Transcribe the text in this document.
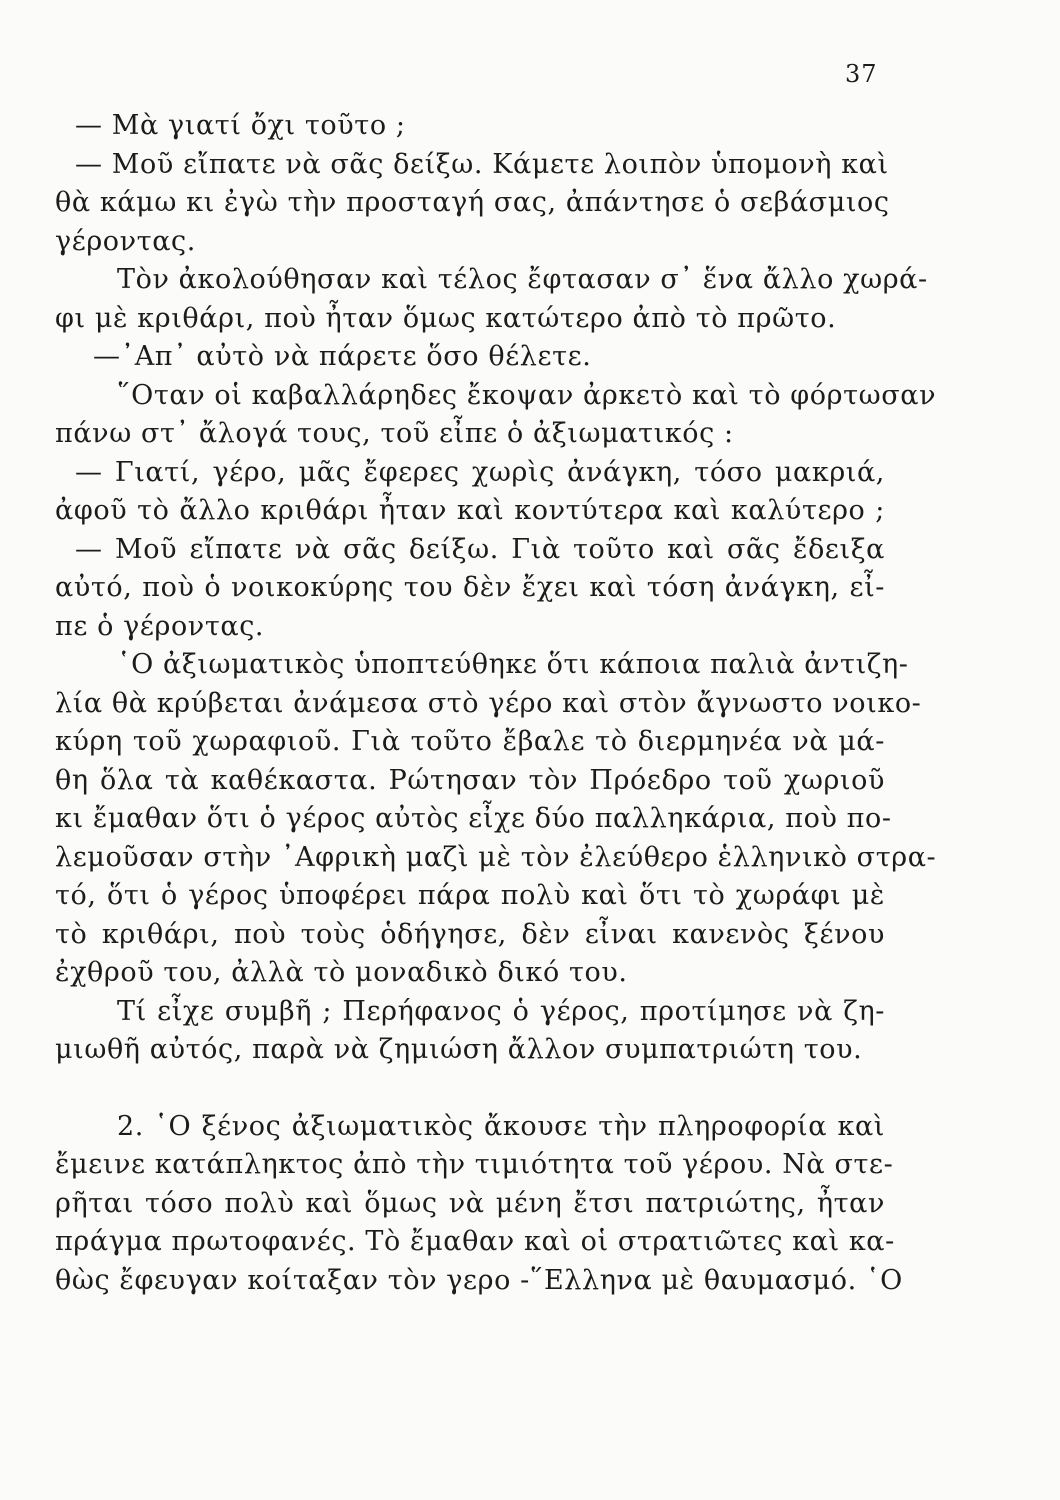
37
— Μὰ γιατί ὄχι τοῦτο ;
— Μοῦ εἴπατε νὰ σᾶς δείξω. Κάμετε λοιπὸν ὑπομονὴ καὶ
θὰ κάμω κι ἐγὼ τὴν προσταγή σας, ἀπάντησε ὁ σεβάσμιος
γέροντας.
Τὸν ἀκολούθησαν καὶ τέλος ἔφτασαν σ᾿ ἕνα ἄλλο χωρά-
φι μὲ κριθάρι, ποὺ ἦταν ὅμως κατώτερο ἀπὸ τὸ πρῶτο.
—᾿Απ᾿ αὐτὸ νὰ πάρετε ὅσο θέλετε.
῞Οταν οἱ καβαλλάρηδες ἔκοψαν ἀρκετὸ καὶ τὸ φόρτωσαν
πάνω στ᾿ ἄλογά τους, τοῦ εἶπε ὁ ἀξιωματικός :
— Γιατί, γέρο, μᾶς ἔφερες χωρὶς ἀνάγκη, τόσο μακριά,
ἀφοῦ τὸ ἄλλο κριθάρι ἦταν καὶ κοντύτερα καὶ καλύτερο ;
— Μοῦ εἴπατε νὰ σᾶς δείξω. Γιὰ τοῦτο καὶ σᾶς ἔδειξα
αὐτό, ποὺ ὁ νοικοκύρης του δὲν ἔχει καὶ τόση ἀνάγκη, εἶ-
πε ὁ γέροντας.
῾Ο ἀξιωματικὸς ὑποπτεύθηκε ὅτι κάποια παλιὰ ἀντιζη-
λία θὰ κρύβεται ἀνάμεσα στὸ γέρο καὶ στὸν ἄγνωστο νοικο-
κύρη τοῦ χωραφιοῦ. Γιὰ τοῦτο ἔβαλε τὸ διερμηνέα νὰ μά-
θη ὅλα τὰ καθέκαστα. Ρώτησαν τὸν Πρόεδρο τοῦ χωριοῦ
κι ἔμαθαν ὅτι ὁ γέρος αὐτὸς εἶχε δύο παλληκάρια, ποὺ πο-
λεμοῦσαν στὴν ᾿Αφρικὴ μαζὶ μὲ τὸν ἐλεύθερο ἑλληνικὸ στρα-
τό, ὅτι ὁ γέρος ὑποφέρει πάρα πολὺ καὶ ὅτι τὸ χωράφι μὲ
τὸ κριθάρι, ποὺ τοὺς ὁδήγησε, δὲν εἶναι κανενὸς ξένου
ἐχθροῦ του, ἀλλὰ τὸ μοναδικὸ δικό του.
Τί εἶχε συμβῆ ; Περήφανος ὁ γέρος, προτίμησε νὰ ζη-
μιωθῆ αὐτός, παρὰ νὰ ζημιώση ἄλλον συμπατριώτη του.
2. ῾Ο ξένος ἀξιωματικὸς ἄκουσε τὴν πληροφορία καὶ
ἔμεινε κατάπληκτος ἀπὸ τὴν τιμιότητα τοῦ γέρου. Νὰ στε-
ρῆται τόσο πολὺ καὶ ὅμως νὰ μένη ἔτσι πατριώτης, ἦταν
πράγμα πρωτοφανές. Τὸ ἔμαθαν καὶ οἱ στρατιῶτες καὶ κα-
θὼς ἔφευγαν κοίταξαν τὸν γερο -῞Ελληνα μὲ θαυμασμό. ῾Ο
